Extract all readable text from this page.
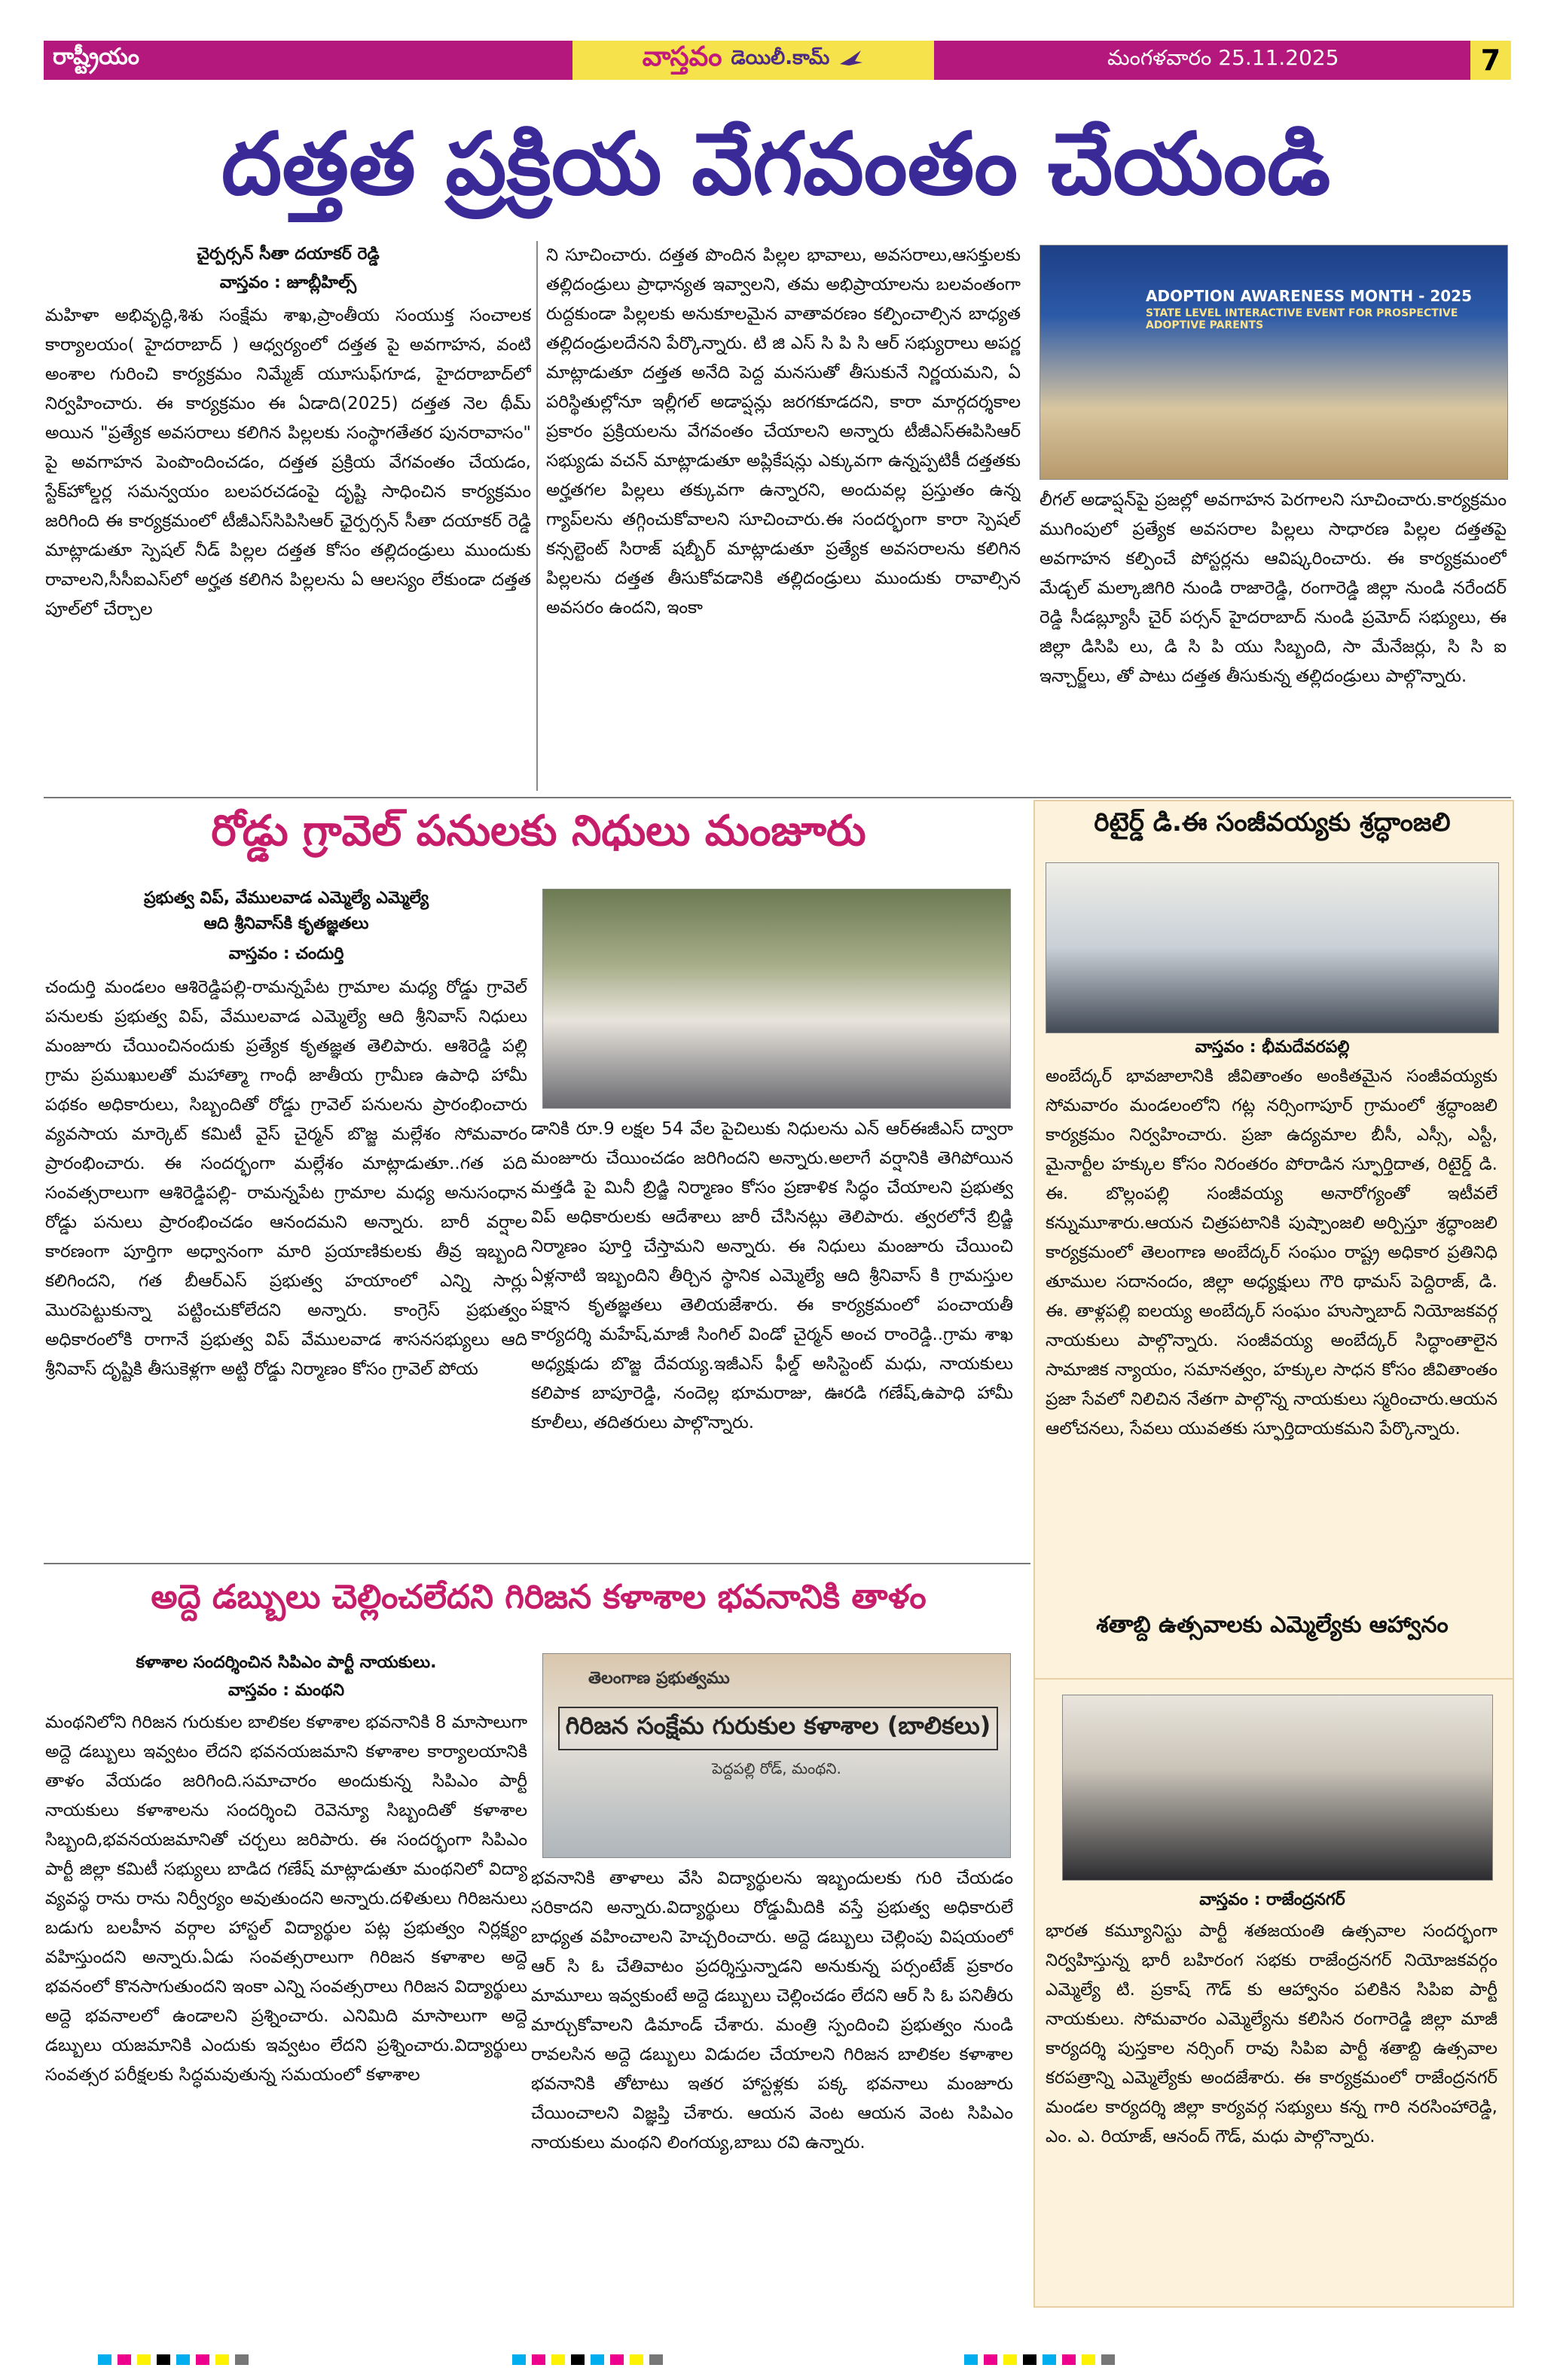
రాష్ట్రీయం	వాస్తవం డెయిలీ.కామ్	మంగళవారం 25.11.2025	7
దత్తత ప్రక్రియ వేగవంతం చేయండి
చైర్పర్సన్ సీతా దయాకర్ రెడ్డి
వాస్తవం : జూబ్లీహిల్స్
మహిళా అభివృద్ధి,శిశు సంక్షేమ శాఖ,ప్రాంతీయ సంయుక్త సంచాలక కార్యాలయం( హైదరాబాద్ ) ఆధ్వర్యంలో దత్తత పై అవగాహన, వంటి అంశాల గురించి కార్యక్రమం నిమ్మేజ్ యూసుఫ్‌గూడ, హైదరాబాద్‌లో నిర్వహించారు. ఈ కార్యక్రమం ఈ ఏడాది(2025) దత్తత నెల థీమ్ అయిన "ప్రత్యేక అవసరాలు కలిగిన పిల్లలకు సంస్థాగతేతర పునరావాసం" పై అవగాహన పెంపొందించడం, దత్తత ప్రక్రియ వేగవంతం చేయడం, స్టేక్‌హోల్డర్ల సమన్వయం బలపరచడంపై దృష్టి సాధించిన కార్యక్రమం జరిగింది ఈ కార్యక్రమంలో టీజీఎస్‌సిపిసిఆర్ ఛైర్పర్సన్ సీతా దయాకర్ రెడ్డి మాట్లాడుతూ స్పెషల్ నీడ్ పిల్లల దత్తత కోసం తల్లిదండ్రులు ముందుకు రావాలని,సీసీఐఎస్‌లో అర్హత కలిగిన పిల్లలను ఏ ఆలస్యం లేకుండా దత్తత పూల్‌లో చేర్చాల
ని సూచించారు. దత్తత పొందిన పిల్లల భావాలు, అవసరాలు,ఆసక్తులకు తల్లిదండ్రులు ప్రాధాన్యత ఇవ్వాలని, తమ అభిప్రాయాలను బలవంతంగా రుద్దకుండా పిల్లలకు అనుకూలమైన వాతావరణం కల్పించాల్సిన బాధ్యత తల్లిదండ్రులదేనని పేర్కొన్నారు. టి జి ఎస్ సి పి సి ఆర్ సభ్యురాలు అపర్ణ మాట్లాడుతూ దత్తత అనేది పెద్ద మనసుతో తీసుకునే నిర్ణయమని, ఏ పరిస్థితుల్లోనూ ఇల్లీగల్ అడాప్షన్లు జరగకూడదని, కారా మార్గదర్శకాల ప్రకారం ప్రక్రియలను వేగవంతం చేయాలని అన్నారు టీజీఎస్‌ఈపిసిఆర్ సభ్యుడు వచన్ మాట్లాడుతూ అప్లికేషన్లు ఎక్కువగా ఉన్నప్పటికీ దత్తతకు అర్హతగల పిల్లలు తక్కువగా ఉన్నారని, అందువల్ల ప్రస్తుతం ఉన్న గ్యాప్‌లను తగ్గించుకోవాలని సూచించారు.ఈ సందర్భంగా కారా స్పెషల్ కన్సల్టెంట్ సిరాజ్ షబ్బీర్ మాట్లాడుతూ ప్రత్యేక అవసరాలను కలిగిన పిల్లలను దత్తత తీసుకోవడానికి తల్లిదండ్రులు ముందుకు రావాల్సిన అవసరం ఉందని, ఇంకా
ADOPTION AWARENESS MONTH - 2025
STATE LEVEL INTERACTIVE EVENT FOR PROSPECTIVE ADOPTIVE PARENTS
లీగల్ అడాప్షన్‌పై ప్రజల్లో అవగాహన పెరగాలని సూచించారు.కార్యక్రమం ముగింపులో ప్రత్యేక అవసరాల పిల్లలు సాధారణ పిల్లల దత్తతపై అవగాహన కల్పించే పోస్టర్లను ఆవిష్కరించారు. ఈ కార్యక్రమంలో మేడ్చల్ మల్కాజిగిరి నుండి రాజారెడ్డి, రంగారెడ్డి జిల్లా నుండి నరేందర్ రెడ్డి సీడబ్ల్యూసీ చైర్ పర్సన్ హైదరాబాద్ నుండి ప్రమోద్ సభ్యులు, ఈ జిల్లా డిసిపి లు, డి సి పి యు సిబ్బంది, సా మేనేజర్లు, సి సి ఐ ఇన్చార్జ్‌లు, తో పాటు దత్తత తీసుకున్న తల్లిదండ్రులు పాల్గొన్నారు.
రోడ్డు గ్రావెల్ పనులకు నిధులు మంజూరు
ప్రభుత్వ విప్, వేములవాడ ఎమ్మెల్యే ఎమ్మెల్యే
ఆది శ్రీనివాస్‌కి కృతజ్ఞతలు
వాస్తవం : చందుర్తి
చందుర్తి మండలం ఆశిరెడ్డిపల్లి-రామన్నపేట గ్రామాల మధ్య రోడ్డు గ్రావెల్ పనులకు ప్రభుత్వ విప్, వేములవాడ ఎమ్మెల్యే ఆది శ్రీనివాస్ నిధులు మంజూరు చేయించినందుకు ప్రత్యేక కృతజ్ఞత తెలిపారు. ఆశిరెడ్డి పల్లి గ్రామ ప్రముఖులతో మహాత్మా గాంధీ జాతీయ గ్రామీణ ఉపాధి హామీ పథకం అధికారులు, సిబ్బందితో రోడ్డు గ్రావెల్ పనులను ప్రారంభించారు వ్యవసాయ మార్కెట్ కమిటీ వైస్ చైర్మన్ బొజ్జ మల్లేశం సోమవారం ప్రారంభించారు. ఈ సందర్భంగా మల్లేశం మాట్లాడుతూ..గత పది సంవత్సరాలుగా ఆశిరెడ్డిపల్లి- రామన్నపేట గ్రామాల మధ్య అనుసంధాన రోడ్డు పనులు ప్రారంభించడం ఆనందమని అన్నారు. బారీ వర్షాల కారణంగా పూర్తిగా అధ్వానంగా మారి ప్రయాణికులకు తీవ్ర ఇబ్బంది కలిగిందని, గత బీఆర్ఎస్ ప్రభుత్వ హయాంలో ఎన్ని సార్లు మొరపెట్టుకున్నా పట్టించుకోలేదని అన్నారు. కాంగ్రెస్ ప్రభుత్వం అధికారంలోకి రాగానే ప్రభుత్వ విప్ వేములవాడ శాసనసభ్యులు ఆది శ్రీనివాస్ దృష్టికి తీసుకెళ్లగా అట్టి రోడ్డు నిర్మాణం కోసం గ్రావెల్ పోయ
డానికి రూ.9 లక్షల 54 వేల పైచిలుకు నిధులను ఎన్ ఆర్ఈజీఎస్ ద్వారా మంజూరు చేయించడం జరిగిందని అన్నారు.అలాగే వర్షానికి తెగిపోయిన మత్తడి పై మినీ బ్రిడ్జి నిర్మాణం కోసం ప్రణాళిక సిద్ధం చేయాలని ప్రభుత్వ విప్ అధికారులకు ఆదేశాలు జారీ చేసినట్లు తెలిపారు. త్వరలోనే బ్రిడ్జి నిర్మాణం పూర్తి చేస్తామని అన్నారు. ఈ నిధులు మంజూరు చేయించి ఏళ్లనాటి ఇబ్బందిని తీర్చిన స్థానిక ఎమ్మెల్యే ఆది శ్రీనివాస్ కి గ్రామస్తుల పక్షాన కృతజ్ఞతలు తెలియజేశారు. ఈ కార్యక్రమంలో పంచాయతీ కార్యదర్శి మహేష్,మాజీ సింగిల్ విండో చైర్మన్ అంచ రాంరెడ్డి..గ్రామ శాఖ అధ్యక్షుడు బొజ్జ దేవయ్య.ఇజీఎస్ ఫీల్డ్ అసిస్టెంట్ మధు, నాయకులు కలిపాక బాపూరెడ్డి, నందెల్ల భూమరాజు, ఊరడి గణేష్,ఉపాధి హామీ కూలీలు, తదితరులు పాల్గొన్నారు.
రిటైర్డ్ డి.ఈ సంజీవయ్యకు శ్రద్ధాంజలి
వాస్తవం : భీమదేవరపల్లి
అంబేద్కర్ భావజాలానికి జీవితాంతం అంకితమైన సంజీవయ్యకు సోమవారం మండలంలోని గట్ల నర్సింగాపూర్ గ్రామంలో శ్రద్ధాంజలి కార్యక్రమం నిర్వహించారు. ప్రజా ఉద్యమాల బీసీ, ఎస్సీ, ఎస్టీ, మైనార్టీల హక్కుల కోసం నిరంతరం పోరాడిన స్ఫూర్తిదాత, రిటైర్డ్ డి. ఈ. బొల్లంపల్లి సంజీవయ్య అనారోగ్యంతో ఇటీవలే కన్నుమూశారు.ఆయన చిత్రపటానికి పుష్పాంజలి అర్పిస్తూ శ్రద్ధాంజలి కార్యక్రమంలో తెలంగాణ అంబేద్కర్ సంఘం రాష్ట్ర అధికార ప్రతినిధి తూముల సదానందం, జిల్లా అధ్యక్షులు గౌరి థామస్ పెద్దిరాజ్, డి. ఈ. తాళ్లపల్లి ఐలయ్య అంబేద్కర్ సంఘం హుస్నాబాద్ నియోజకవర్గ నాయకులు పాల్గొన్నారు. సంజీవయ్య అంబేద్కర్ సిద్ధాంతాలైన సామాజిక న్యాయం, సమానత్వం, హక్కుల సాధన కోసం జీవితాంతం ప్రజా సేవలో నిలిచిన నేతగా పాల్గొన్న నాయకులు స్మరించారు.ఆయన ఆలోచనలు, సేవలు యువతకు స్ఫూర్తిదాయకమని పేర్కొన్నారు.
శతాబ్ది ఉత్సవాలకు ఎమ్మెల్యేకు ఆహ్వానం
అద్దె డబ్బులు చెల్లించలేదని గిరిజన కళాశాల భవనానికి తాళం
కళాశాల సందర్శించిన సిపిఎం పార్టీ నాయకులు.
వాస్తవం : మంథని
మంథనిలోని గిరిజన గురుకుల బాలికల కళాశాల భవనానికి 8 మాసాలుగా అద్దె డబ్బులు ఇవ్వటం లేదని భవనయజమాని కళాశాల కార్యాలయానికి తాళం వేయడం జరిగింది.సమాచారం అందుకున్న సిపిఎం పార్టీ నాయకులు కళాశాలను సందర్శించి రెవెన్యూ సిబ్బందితో కళాశాల సిబ్బంది,భవనయజమానితో చర్చలు జరిపారు. ఈ సందర్భంగా సిపిఎం పార్టీ జిల్లా కమిటీ సభ్యులు బాడిద గణేష్ మాట్లాడుతూ మంథనిలో విద్యా వ్యవస్థ రాను రాను నిర్వీర్యం అవుతుందని అన్నారు.దళితులు గిరిజనులు బడుగు బలహీన వర్గాల హాస్టల్ విద్యార్థుల పట్ల ప్రభుత్వం నిర్లక్ష్యం వహిస్తుందని అన్నారు.ఏడు సంవత్సరాలుగా గిరిజన కళాశాల అద్దె భవనంలో కొనసాగుతుందని ఇంకా ఎన్ని సంవత్సరాలు గిరిజన విద్యార్థులు అద్దె భవనాలలో ఉండాలని ప్రశ్నించారు. ఎనిమిది మాసాలుగా అద్దె డబ్బులు యజమానికి ఎందుకు ఇవ్వటం లేదని ప్రశ్నించారు.విద్యార్థులు సంవత్సర పరీక్షలకు సిద్ధమవుతున్న సమయంలో కళాశాల
తెలంగాణ ప్రభుత్వము
గిరిజన సంక్షేమ గురుకుల కళాశాల (బాలికలు)
పెద్దపల్లి రోడ్, మంథని.
భవనానికి తాళాలు వేసి విద్యార్థులను ఇబ్బందులకు గురి చేయడం సరికాదని అన్నారు.విద్యార్థులు రోడ్డుమీదికి వస్తే ప్రభుత్వ అధికారులే బాధ్యత వహించాలని హెచ్చరించారు. అద్దె డబ్బులు చెల్లింపు విషయంలో ఆర్ సి ఓ చేతివాటం ప్రదర్శిస్తున్నాడని అనుకున్న పర్సంటేజ్ ప్రకారం మామూలు ఇవ్వకుంటే అద్దె డబ్బులు చెల్లించడం లేదని ఆర్ సి ఓ పనితీరు మార్చుకోవాలని డిమాండ్ చేశారు. మంత్రి స్పందించి ప్రభుత్వం నుండి రావలసిన అద్దె డబ్బులు విడుదల చేయాలని గిరిజన బాలికల కళాశాల భవనానికి తోటాటు ఇతర హాస్టళ్లకు పక్క భవనాలు మంజూరు చేయించాలని విజ్ఞప్తి చేశారు. ఆయన వెంట ఆయన వెంట సిపిఎం నాయకులు మంథని లింగయ్య,బాబు రవి ఉన్నారు.
వాస్తవం : రాజేంద్రనగర్
భారత కమ్యూనిస్టు పార్టీ శతజయంతి ఉత్సవాల సందర్భంగా నిర్వహిస్తున్న భారీ బహిరంగ సభకు రాజేంద్రనగర్ నియోజకవర్గం ఎమ్మెల్యే టి. ప్రకాష్ గౌడ్ కు ఆహ్వానం పలికిన సిపిఐ పార్టీ నాయకులు. సోమవారం ఎమ్మెల్యేను కలిసిన రంగారెడ్డి జిల్లా మాజీ కార్యదర్శి పుస్తకాల నర్సింగ్ రావు సిపిఐ పార్టీ శతాబ్ది ఉత్సవాల కరపత్రాన్ని ఎమ్మెల్యేకు అందజేశారు. ఈ కార్యక్రమంలో రాజేంద్రనగర్ మండల కార్యదర్శి జిల్లా కార్యవర్గ సభ్యులు కన్న గారి నరసింహారెడ్డి, ఎం. ఎ. రియాజ్, ఆనంద్ గౌడ్, మధు పాల్గొన్నారు.
